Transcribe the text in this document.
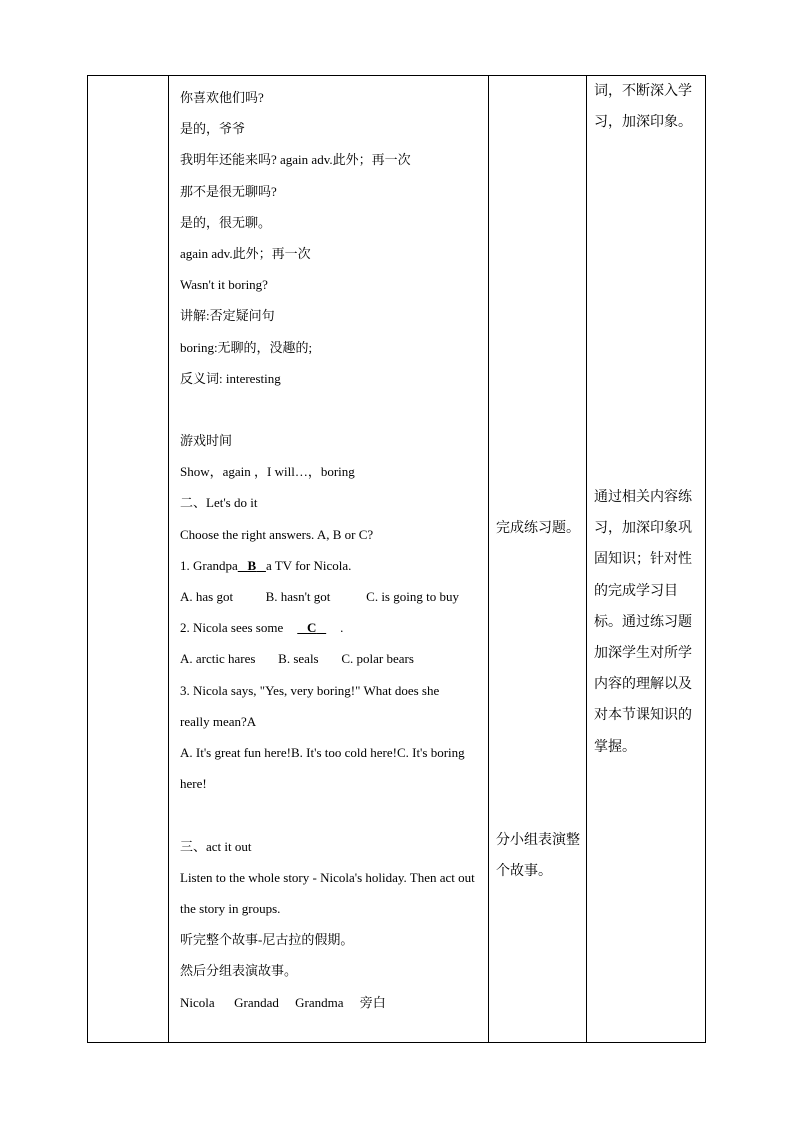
你喜欢他们吗?
是的，爷爷
我明年还能来吗? again adv.此外；再一次
那不是很无聊吗?
是的，很无聊。
again adv.此外；再一次
Wasn't it boring?
讲解:否定疑问句
boring:无聊的，没趣的;
反义词: interesting
游戏时间
Show，again ，I will…，boring
二、Let's do it
Choose the right answers. A, B or C?
1. Grandpa B a TV for Nicola.
A. has got          B. hasn't got           C. is going to buy
2. Nicola sees some C .
A. arctic hares       B. seals       C. polar bears
3. Nicola says, "Yes, very boring!" What does she
really mean?A
A. It's great fun here!B. It's too cold here!C. It's boring here!
三、act it out
Listen to the whole story - Nicola's holiday. Then act out the story in groups.
听完整个故事-尼古拉的假期。
然后分组表演故事。
Nicola      Grandad     Grandma     旁白
完成练习题。
分小组表演整个故事。
词，不断深入学习，加深印象。
通过相关内容练习，加深印象巩固知识；针对性的完成学习目标。通过练习题加深学生对所学内容的理解以及对本节课知识的掌握。
